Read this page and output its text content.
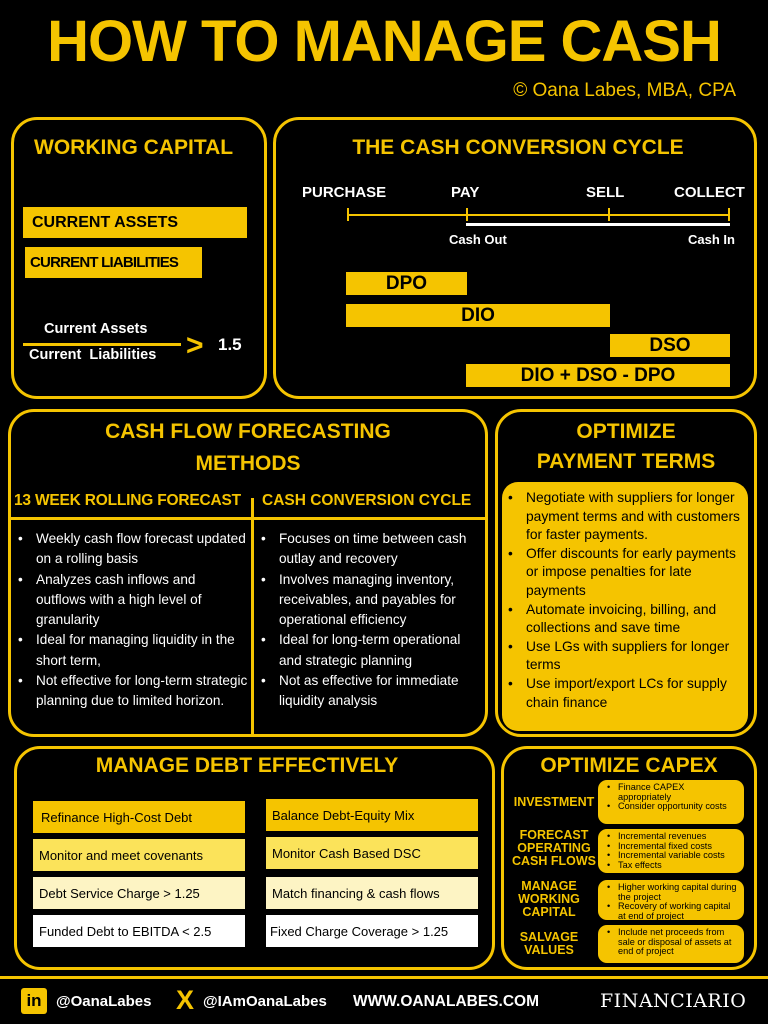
HOW TO MANAGE CASH
© Oana Labes, MBA, CPA
WORKING CAPITAL
CURRENT ASSETS
CURRENT LIABILITIES
Current Assets
Current  Liabilities > 1.5
THE CASH CONVERSION CYCLE
PURCHASE	PAY	SELL	COLLECT
Cash Out	Cash In
DPO
DIO
DSO
DIO + DSO - DPO
CASH FLOW FORECASTING
METHODS
13 WEEK ROLLING FORECAST CASH CONVERSION CYCLE
• Weekly cash flow forecast updated on a rolling basis
• Analyzes cash inflows and outflows with a high level of granularity
• Ideal for managing liquidity in the short term,
• Not effective for long-term strategic planning due to limited horizon.
• Focuses on time between cash outlay and recovery
• Involves managing inventory, receivables, and payables for operational efficiency
• Ideal for long-term operational and strategic planning
• Not as effective for immediate liquidity analysis
OPTIMIZE
PAYMENT TERMS
• Negotiate with suppliers for longer payment terms and with customers for faster payments.
• Offer discounts for early payments or impose penalties for late payments
• Automate invoicing, billing, and collections and save time
• Use LGs with suppliers for longer terms
• Use import/export LCs for supply chain finance
MANAGE DEBT EFFECTIVELY
Refinance High-Cost Debt
Monitor and meet covenants
Debt Service Charge > 1.25
Funded Debt to EBITDA < 2.5
Balance Debt-Equity Mix
Monitor Cash Based DSC
Match financing & cash flows
Fixed Charge Coverage > 1.25
OPTIMIZE CAPEX
INVESTMENT
• Finance CAPEX appropriately
• Consider opportunity costs
FORECAST OPERATING CASH FLOWS
• Incremental revenues
• Incremental fixed costs
• Incremental variable costs
• Tax effects
MANAGE WORKING CAPITAL
• Higher working capital during the project
• Recovery of working capital at end of project
SALVAGE VALUES
• Include net proceeds from sale or disposal of assets at end of project
in @OanaLabes X @IAmOanaLabes WWW.OANALABES.COM	FINANCIARIO
